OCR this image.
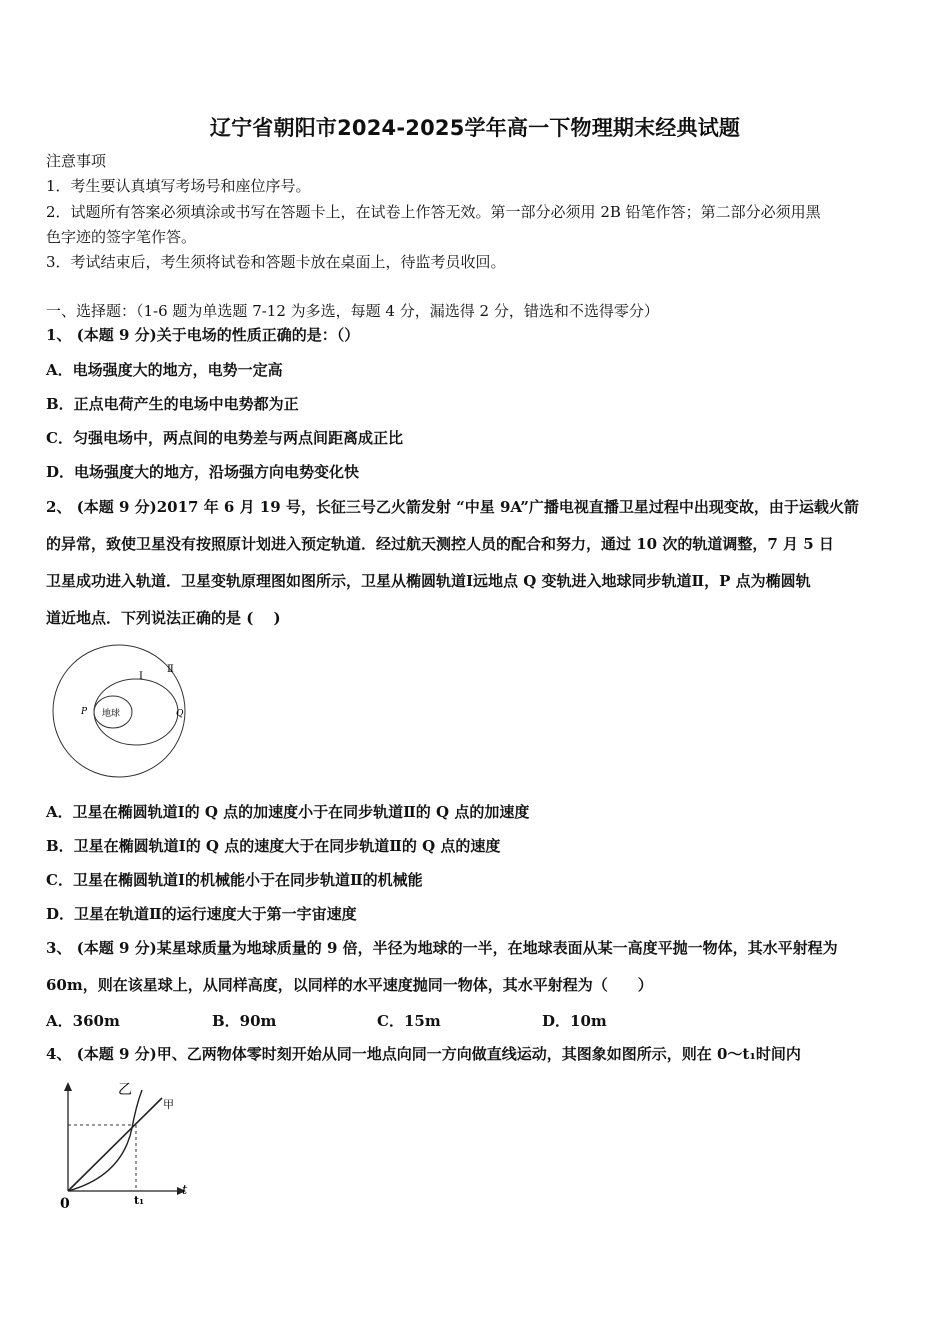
辽宁省朝阳市2024-2025学年高一下物理期末经典试题
注意事项
1．考生要认真填写考场号和座位序号。
2．试题所有答案必须填涂或书写在答题卡上，在试卷上作答无效。第一部分必须用 2B 铅笔作答；第二部分必须用黑
色字迹的签字笔作答。
3．考试结束后，考生须将试卷和答题卡放在桌面上，待监考员收回。
一、选择题：（1-6 题为单选题 7-12 为多选，每题 4 分，漏选得 2 分，错选和不选得零分）
1、 (本题 9 分)关于电场的性质正确的是：（）
A．电场强度大的地方，电势一定高
B．正点电荷产生的电场中电势都为正
C．匀强电场中，两点间的电势差与两点间距离成正比
D．电场强度大的地方，沿场强方向电势变化快
2、 (本题 9 分)2017 年 6 月 19 号，长征三号乙火箭发射 “中星 9A”广播电视直播卫星过程中出现变故，由于运载火箭
的异常，致使卫星没有按照原计划进入预定轨道．经过航天测控人员的配合和努力，通过 10 次的轨道调整，7 月 5 日
卫星成功进入轨道．卫星变轨原理图如图所示，卫星从椭圆轨道Ⅰ远地点 Q 变轨进入地球同步轨道Ⅱ，P 点为椭圆轨
道近地点．下列说法正确的是 (　 )
地球
P	Q
Ⅰ
Ⅱ
A．卫星在椭圆轨道Ⅰ的 Q 点的加速度小于在同步轨道Ⅱ的 Q 点的加速度
B．卫星在椭圆轨道Ⅰ的 Q 点的速度大于在同步轨道Ⅱ的 Q 点的速度
C．卫星在椭圆轨道Ⅰ的机械能小于在同步轨道Ⅱ的机械能
D．卫星在轨道Ⅱ的运行速度大于第一宇宙速度
3、 (本题 9 分)某星球质量为地球质量的 9 倍，半径为地球的一半，在地球表面从某一高度平抛一物体，其水平射程为
60m，则在该星球上，从同样高度，以同样的水平速度抛同一物体，其水平射程为（　　）
A．360m	B．90m	C．15m	D．10m
4、 (本题 9 分)甲、乙两物体零时刻开始从同一地点向同一方向做直线运动，其图象如图所示，则在 0～t₁时间内
乙
甲
0
t
t₁
